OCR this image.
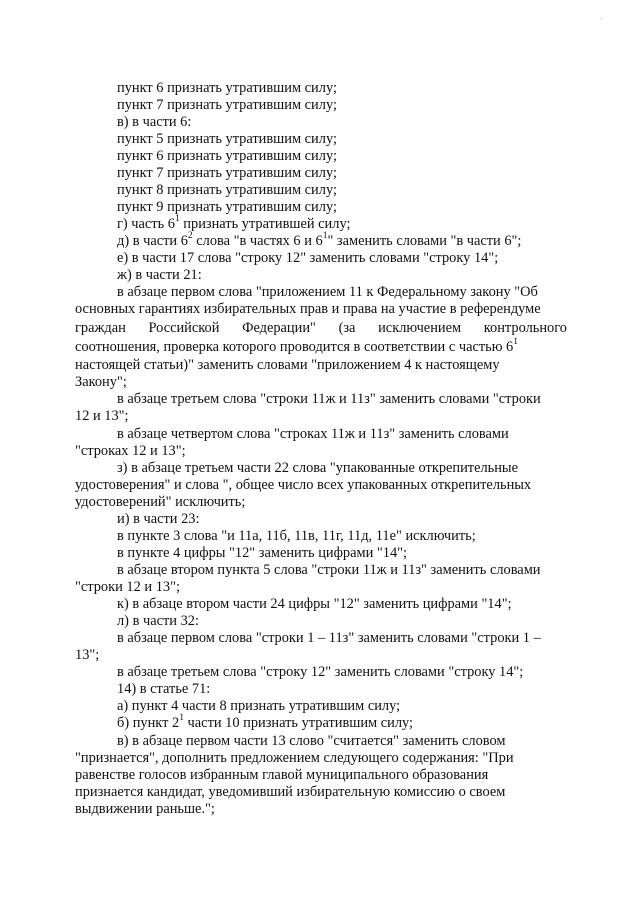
·

пункт 6 признать утратившим силу;

пункт 7 признать утратившим силу;

в) в части 6:

пункт 5 признать утратившим силу;

пункт 6 признать утратившим силу;

пункт 7 признать утратившим силу;

пункт 8 признать утратившим силу;

пункт 9 признать утратившим силу;

г) часть $6^1$ признать утратившей силу;

д) в части $6^2$ слова "в частях 6 и $6^1$" заменить словами "в части 6";

е) в части 17 слова "строку 12" заменить словами "строку 14";

ж) в части 21:

в абзаце первом слова "приложением 11 к Федеральному закону "Об

основных гарантиях избирательных прав и права на участие в референдуме

граждан Российской Федерации" (за исключением контрольного

соотношения, проверка которого проводится в соответствии с частью $6^1$

настоящей статьи)" заменить словами "приложением 4 к настоящему

Закону";

в абзаце третьем слова "строки 11ж и 11з" заменить словами "строки

12 и 13";

в абзаце четвертом слова "строках 11ж и 11з" заменить словами

"строках 12 и 13";

з) в абзаце третьем части 22 слова "упакованные открепительные

удостоверения" и слова ", общее число всех упакованных открепительных

удостоверений" исключить;

и) в части 23:

в пункте 3 слова "и 11а, 11б, 11в, 11г, 11д, 11е" исключить;

в пункте 4 цифры "12" заменить цифрами "14";

в абзаце втором пункта 5 слова "строки 11ж и 11з" заменить словами

"строки 12 и 13";

к) в абзаце втором части 24 цифры "12" заменить цифрами "14";

л) в части 32:

в абзаце первом слова "строки 1 – 11з" заменить словами "строки 1 –

13";

в абзаце третьем слова "строку 12" заменить словами "строку 14";

14) в статье 71:

а) пункт 4 части 8 признать утратившим силу;

б) пункт $2^1$ части 10 признать утратившим силу;

в) в абзаце первом части 13 слово "считается" заменить словом

"признается", дополнить предложением следующего содержания: "При

равенстве голосов избранным главой муниципального образования

признается кандидат, уведомивший избирательную комиссию о своем

выдвижении раньше.";
